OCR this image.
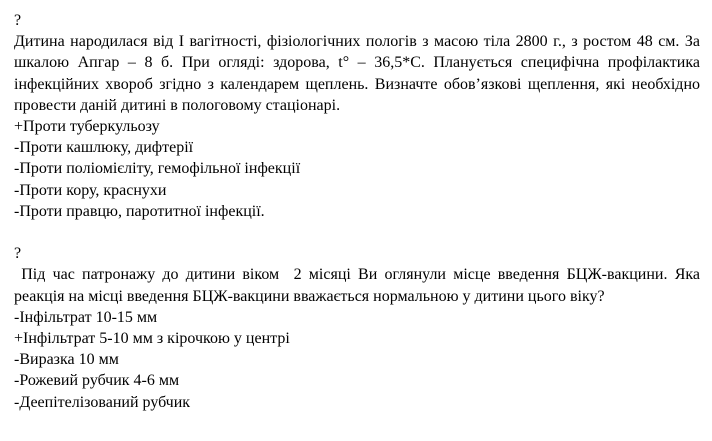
?

Дитина народилася від I вагітності, фізіологічних пологів з масою тіла 2800 г., з ростом 48 см. За шкалою Апгар – 8 б. При огляді: здорова, t° – 36,5*С. Планується специфічна профілактика інфекційних хвороб згідно з календарем щеплень. Визначте обов’язкові щеплення, які необхідно провести даній дитині в пологовому стаціонарі.

+Проти туберкульозу
-Проти кашлюку, дифтерії
-Проти поліомієліту, гемофільної інфекції
-Проти кору, краснухи
-Проти правцю, паротитної інфекції.
?

Під час патронажу до дитини віком  2 місяці Ви оглянули місце введення БЦЖ-вакцини. Яка реакція на місці введення БЦЖ-вакцини вважається нормальною у дитини цього віку?

-Інфільтрат 10-15 мм
+Інфільтрат 5-10 мм з кірочкою у центрі
-Виразка 10 мм
-Рожевий рубчик 4-6 мм
-Деепітелізований рубчик
